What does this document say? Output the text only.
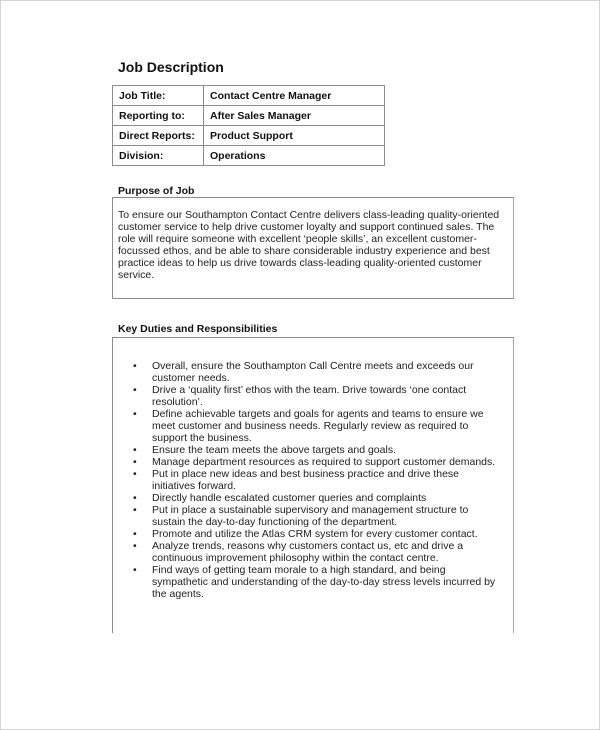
Job Description
Job Title:	Contact Centre Manager
Reporting to:	After Sales Manager
Direct Reports:	Product Support
Division:	Operations
Purpose of Job

To ensure our Southampton Contact Centre delivers class-leading quality-oriented customer service to help drive customer loyalty and support continued sales. The role will require someone with excellent ‘people skills’, an excellent customer-focussed ethos, and be able to share considerable industry experience and best practice ideas to help us drive towards class-leading quality-oriented customer service.

Key Duties and Responsibilities
• Overall, ensure the Southampton Call Centre meets and exceeds our customer needs.
• Drive a ‘quality first’ ethos with the team. Drive towards ‘one contact resolution’.
• Define achievable targets and goals for agents and teams to ensure we meet customer and business needs. Regularly review as required to support the business.
• Ensure the team meets the above targets and goals.
• Manage department resources as required to support customer demands.
• Put in place new ideas and best business practice and drive these initiatives forward.
• Directly handle escalated customer queries and complaints
• Put in place a sustainable supervisory and management structure to sustain the day-to-day functioning of the department.
• Promote and utilize the Atlas CRM system for every customer contact.
• Analyze trends, reasons why customers contact us, etc and drive a continuous improvement philosophy within the contact centre.
• Find ways of getting team morale to a high standard, and being sympathetic and understanding of the day-to-day stress levels incurred by the agents.
